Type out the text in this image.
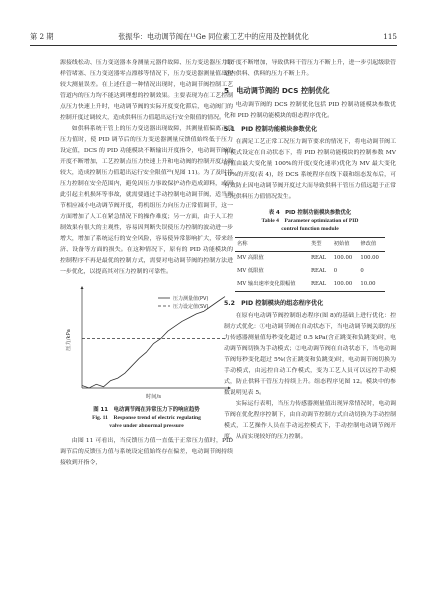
第 2 期	张振华：电动调节阀在¹¹Ge 同位素工艺中的应用及控制优化	115

源接线松动、压力变送器本身测量元器件故障、压力变送器压力取样管堵塞、压力变送器零点漂移等情况下，压力变送器测量值出现较大测量误差。在上述任意一种情况出现时，电动调节阀控制工艺管道内的压力均不能达到理想的控制效果。主要表现为在工艺控制点压力快速上升时，电动调节阀的实际开度变化滞后，电动阀门的控制开度过调较大，造成供料压力值超出运行安全限值的情况。

如供料系统干管上的压力变送器出现故障，其测量值偏离正常压力值时，使 PID 调节后的压力变送器测量反馈值始终低于压力设定值，DCS 的 PID 功能模块不断输出开度指令，电动调节阀的开度不断增加，工艺控制点压力快速上升和电动阀的控制开度过调较大，造成控制压力值超出运行安全限值²⁵(见图 11)。为了及时将压力控制在安全范围内，避免因压力事故保护动作造成卸料，或因此引起主机损坏等事故，就需要通过手动控制电动调节阀，适当调节相应减小电动调节阀开度，将机组压力向压力正常值调节，这一方面增加了人工在紧急情况下的操作难度；另一方面，由于人工控制效果有很大的主观性，容易因判断失误使压力控制的波动进一步增大，增加了系统运行的安全风险，容易使异常影响扩大，带来经济、设备等方面的损失。在这种情况下，原有的 PID 功能模块的控制程序不再是最优的控制方式，需要对电动调节阀的控制方法进一步优化，以提高其对压力控制的可靠性。

压力测量值(PV)
压力设定值(SV)
时间/s
压力/kPa
图 11　电动调节阀在异常压力下的响应趋势
Fig. 11　Response trend of electric regulating
valve under abnormal pressure

由图 11 可看出，当反馈压力值一直低于正常压力值时，PID 调节后的反馈压力值与系统设定值始终存在偏差，电动调节阀持续接收到开指令，

其开度不断增加，导致供料干管压力不断上升，进一步引起级联管道内供料、供料的压力不断上升。

5　电动调节阀的 DCS 控制优化

电动调节阀的 DCS 控制优化包括 PID 控制功能模块参数优化和 PID 控制功能模块的组态程序优化。

5.1　PID 控制功能模块参数优化

在满足工艺正常工况压力调节要求的情况下，将电动调节阀工作模式设定在自动状态下，将 PID 控制功能模块的控制参数 MV 的值由最大变化量 100%的开度(变化速率)优化为 MV 最大变化 10%的开度(表 4)，经 DCS 系统程序在线下载和组态发布后，可有效防止因电动调节阀开度过大而导致供料干管压力值远超于正常工况供料压力值情况发生。

表 4　PID 控制功能模块参数优化
Table 4　Parameter optimization of PID
control function module
名称	类型	初始值	修改值
MV 高限值	REAL	100.00	100.00
MV 低限值	REAL	0	0
MV 输出速率变化限幅值	REAL	100.00	10.00
5.2　PID 控制模块的组态程序优化

在原有电动调节阀控制组态程序(图 8)的基础上进行优化：控制方式优化：①电动调节阀在自动状态下，当电动调节阀关联的压力传感器测量值每秒变化超过 0.5 kPa(含正跳变和负跳变)时，电动调节阀切换为手动模式；②电动调节阀在自动状态下，当电动调节阀每秒变化超过 5%(含正跳变和负跳变)时，电动调节阀切换为手动模式，由远控自动工作模式，变为工艺人员可以远控手动模式，防止供料干管压力持续上升。组态程序见图 12。模块中的参数说明见表 5。

实际运行表明，当压力传感器测量值出现异常情况时，电动调节阀在优化程序控制下，由自动调节控制方式自动切换为手动控制模式，工艺操作人员在手动远控模式下，手动控制电动调节阀开度，从而实现较好的压力控制。
